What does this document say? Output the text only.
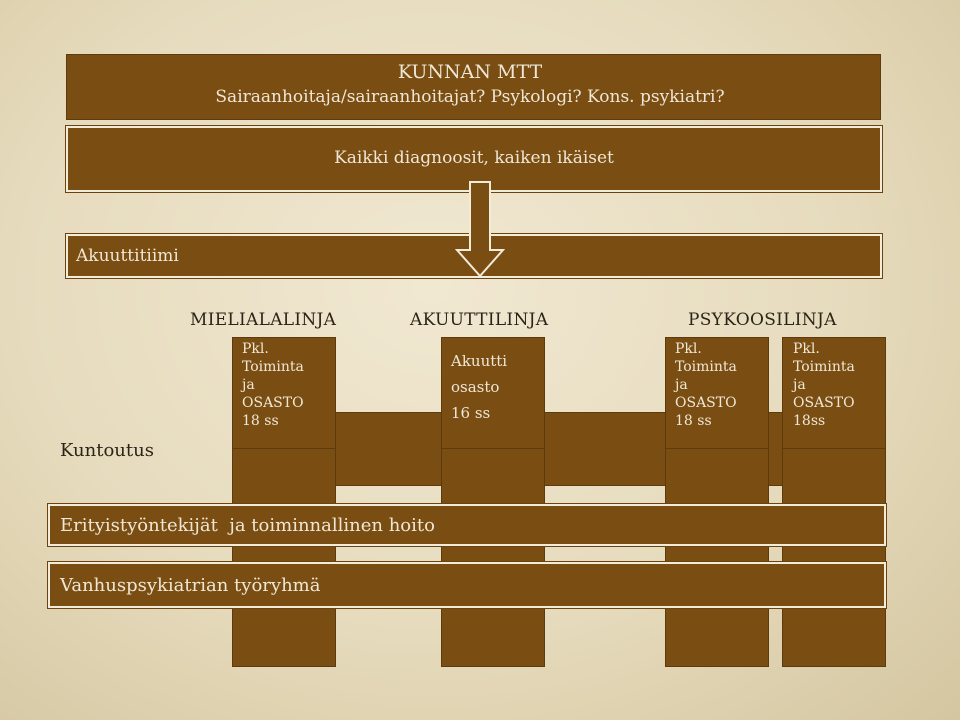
KUNNAN MTT
Sairaanhoitaja/sairaanhoitajat? Psykologi? Kons. psykiatri?
Kaikki diagnoosit, kaiken ikäiset
Akuuttitiimi
MIELIALALINJA	AKUUTTILINJA	PSYKOOSILINJA
Kuntoutus
Pkl.
Toiminta
ja
OSASTO
18 ss
Akuutti
osasto
16 ss
Pkl.
Toiminta
ja
OSASTO
18 ss
Pkl.
Toiminta
ja
OSASTO
18ss
Erityistyöntekijät  ja toiminnallinen hoito
Vanhuspsykiatrian työryhmä
